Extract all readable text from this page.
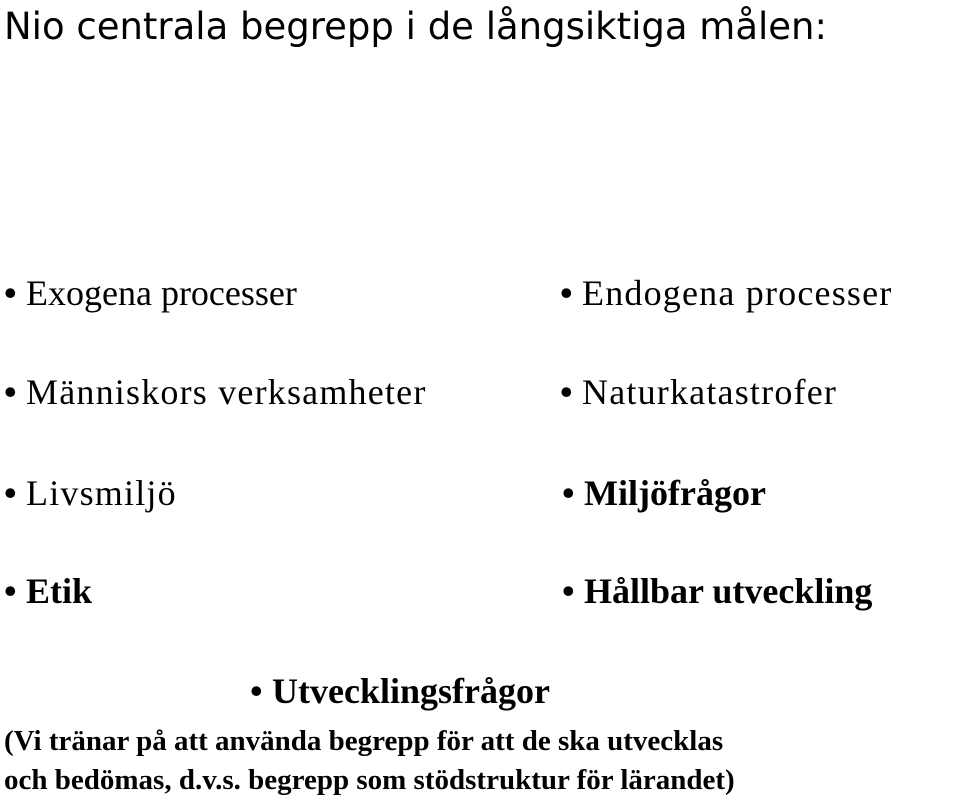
Nio centrala begrepp i de långsiktiga målen:
• Exogena processer
• Människors verksamheter
• Livsmiljö
• Etik
• Endogena processer
• Naturkatastrofer
• Miljöfrågor
• Hållbar utveckling
• Utvecklingsfrågor
(Vi tränar på att använda begrepp för att de ska utvecklas
och bedömas, d.v.s. begrepp som stödstruktur för lärandet)
